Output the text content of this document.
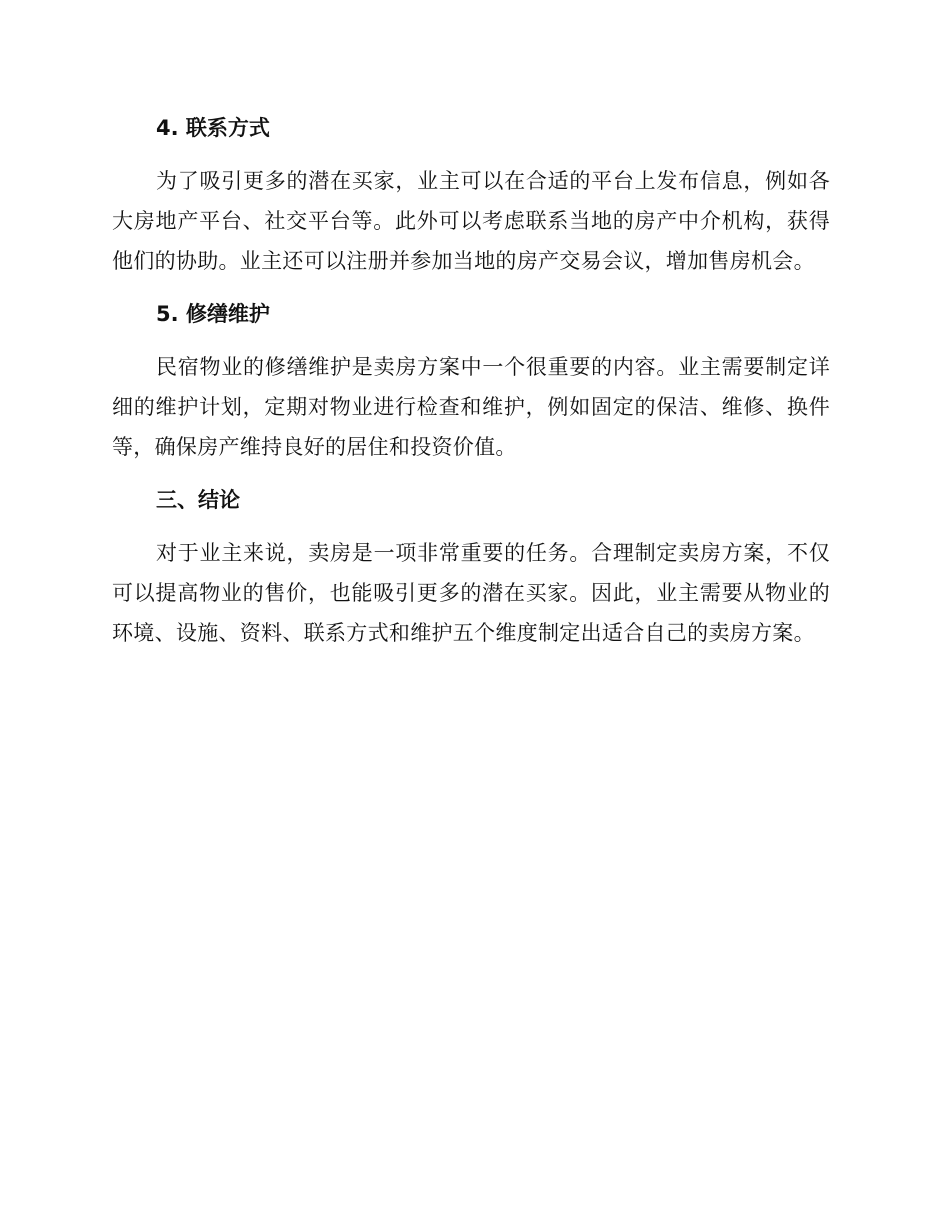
4. 联系方式

为了吸引更多的潜在买家，业主可以在合适的平台上发布信息，例如各大房地产平台、社交平台等。此外可以考虑联系当地的房产中介机构，获得他们的协助。业主还可以注册并参加当地的房产交易会议，增加售房机会。

5. 修缮维护

民宿物业的修缮维护是卖房方案中一个很重要的内容。业主需要制定详细的维护计划，定期对物业进行检查和维护，例如固定的保洁、维修、换件等，确保房产维持良好的居住和投资价值。

三、结论

对于业主来说，卖房是一项非常重要的任务。合理制定卖房方案，不仅可以提高物业的售价，也能吸引更多的潜在买家。因此，业主需要从物业的环境、设施、资料、联系方式和维护五个维度制定出适合自己的卖房方案。
